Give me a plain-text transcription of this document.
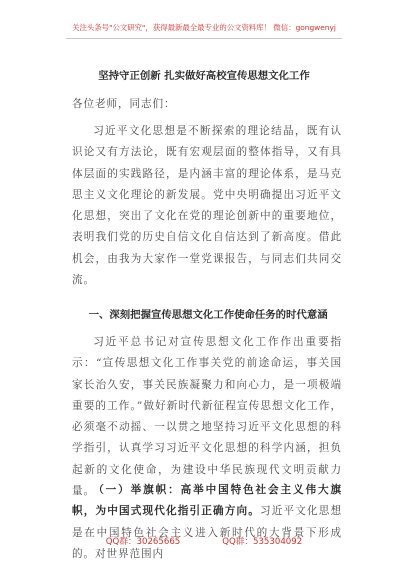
关注头条号"公文研究"，获得最新最全最专业的公文资料库！ 微信：gongwenyj
坚持守正创新 扎实做好高校宣传思想文化工作

各位老师，同志们：

习近平文化思想是不断探索的理论结晶，既有认识论又有方法论，既有宏观层面的整体指导，又有具体层面的实践路径，是内涵丰富的理论体系，是马克思主义文化理论的新发展。党中央明确提出习近平文化思想，突出了文化在党的理论创新中的重要地位，表明我们党的历史自信文化自信达到了新高度。借此机会，由我为大家作一堂党课报告，与同志们共同交流。

一、深刻把握宣传思想文化工作使命任务的时代意涵

习近平总书记对宣传思想文化工作作出重要指示：“宣传思想文化工作事关党的前途命运，事关国家长治久安，事关民族凝聚力和向心力，是一项极端重要的工作。”做好新时代新征程宣传思想文化工作，必须毫不动摇、一以贯之地坚持习近平文化思想的科学指引，认真学习习近平文化思想的科学内涵，担负起新的文化使命，为建设中华民族现代文明贡献力量。

（一）举旗帜：高举中国特色社会主义伟大旗帜，为中国式现代化指引正确方向。习近平文化思想是在中国特色社会主义进入新时代的大背景下形成的。对世界范围内

QQ群：30265665	QQ群：535304092
